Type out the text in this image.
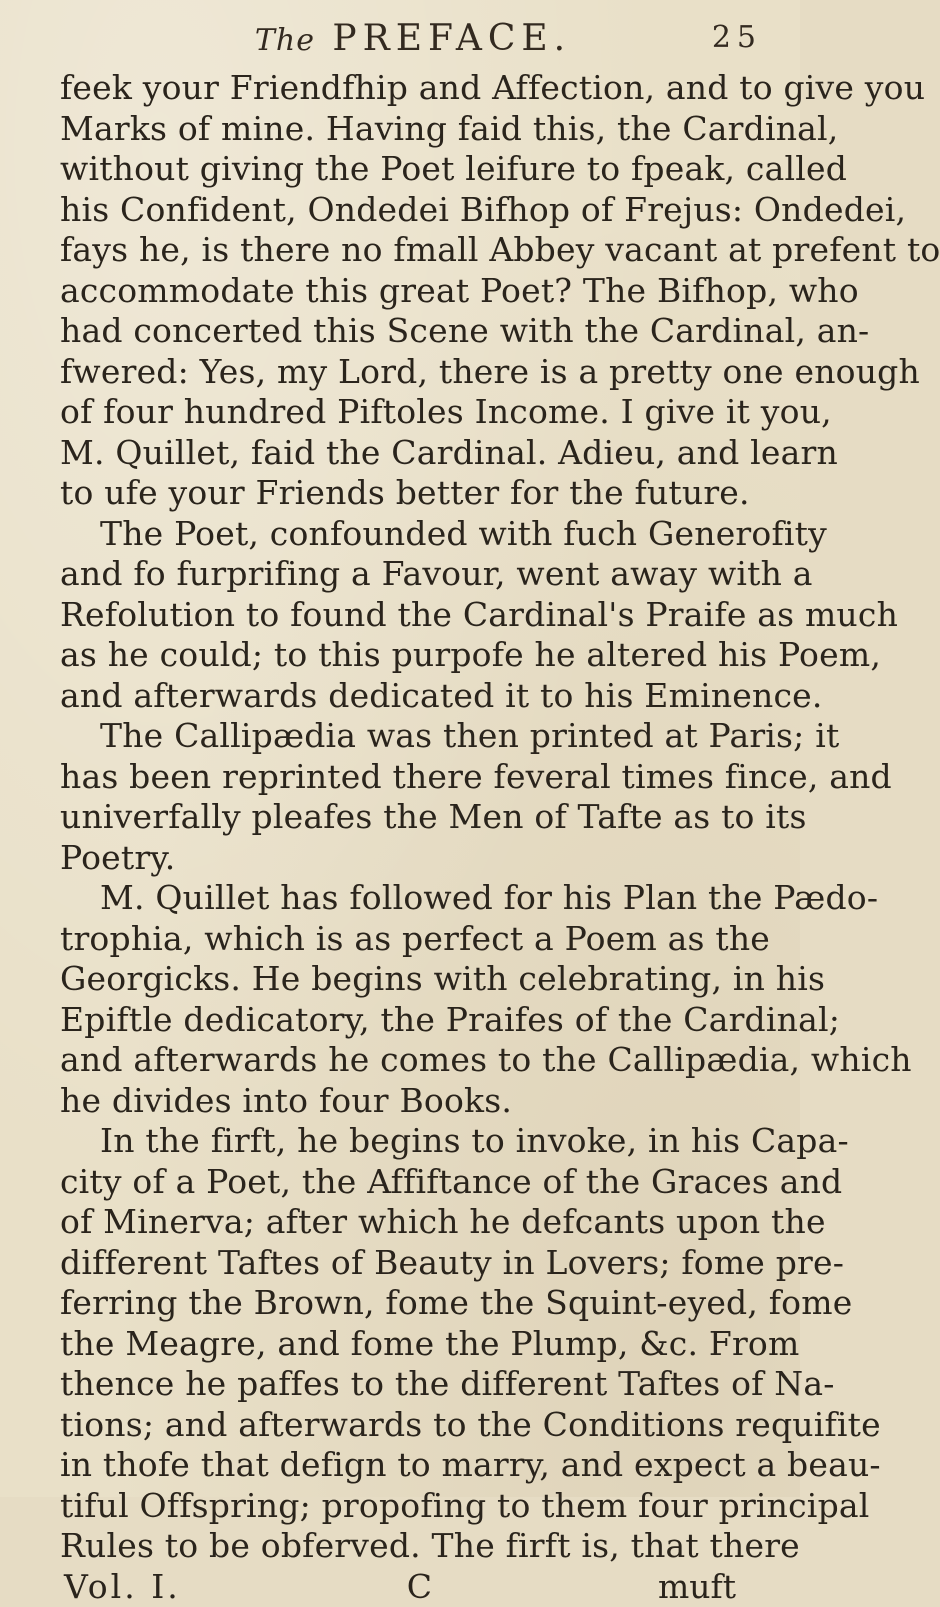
The PREFACE.	25
feek your Friendfhip and Affection, and to give you
Marks of mine. Having faid this, the Cardinal,
without giving the Poet leifure to fpeak, called
his Confident, Ondedei Bifhop of Frejus: Ondedei,
fays he, is there no fmall Abbey vacant at prefent to
accommodate this great Poet? The Bifhop, who
had concerted this Scene with the Cardinal, an-
fwered: Yes, my Lord, there is a pretty one enough
of four hundred Piftoles Income. I give it you,
M. Quillet, faid the Cardinal. Adieu, and learn
to ufe your Friends better for the future.
The Poet, confounded with fuch Generofity
and fo furprifing a Favour, went away with a
Refolution to found the Cardinal's Praife as much
as he could; to this purpofe he altered his Poem,
and afterwards dedicated it to his Eminence.
The Callipædia was then printed at Paris; it
has been reprinted there feveral times fince, and
univerfally pleafes the Men of Tafte as to its
Poetry.
M. Quillet has followed for his Plan the Pædo-
trophia, which is as perfect a Poem as the
Georgicks. He begins with celebrating, in his
Epiftle dedicatory, the Praifes of the Cardinal;
and afterwards he comes to the Callipædia, which
he divides into four Books.
In the firft, he begins to invoke, in his Capa-
city of a Poet, the Affiftance of the Graces and
of Minerva; after which he defcants upon the
different Taftes of Beauty in Lovers; fome pre-
ferring the Brown, fome the Squint-eyed, fome
the Meagre, and fome the Plump, &c. From
thence he paffes to the different Taftes of Na-
tions; and afterwards to the Conditions requifite
in thofe that defign to marry, and expect a beau-
tiful Offspring; propofing to them four principal
Rules to be obferved. The firft is, that there
Vol. I.	C	muft
